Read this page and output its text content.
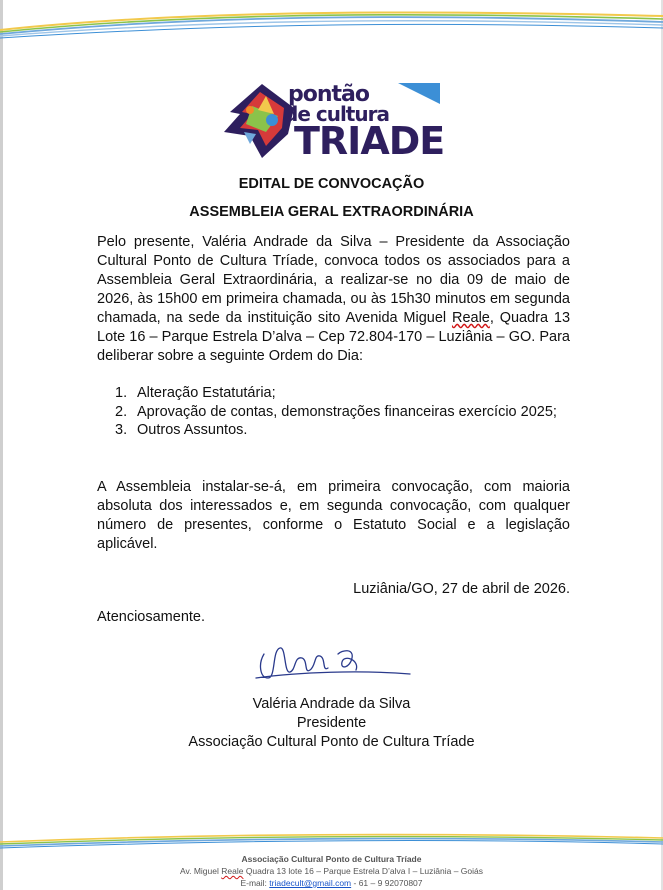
pontão
de cultura
TRIADE
EDITAL DE CONVOCAÇÃO
ASSEMBLEIA GERAL EXTRAORDINÁRIA
Pelo presente, Valéria Andrade da Silva – Presidente da Associação Cultural Ponto de Cultura Tríade, convoca todos os associados para a Assembleia Geral Extraordinária, a realizar-se no dia 09 de maio de 2026, às 15h00 em primeira chamada, ou às 15h30 minutos em segunda chamada, na sede da instituição sito Avenida Miguel Reale, Quadra 13 Lote 16 – Parque Estrela D’alva – Cep 72.804-170 – Luziânia – GO. Para deliberar sobre a seguinte Ordem do Dia:
1. Alteração Estatutária;
2. Aprovação de contas, demonstrações financeiras exercício 2025;
3. Outros Assuntos.
A Assembleia instalar-se-á, em primeira convocação, com maioria absoluta dos interessados e, em segunda convocação, com qualquer número de presentes, conforme o Estatuto Social e a legislação aplicável.
Luziânia/GO, 27 de abril de 2026.
Atenciosamente.
Valéria Andrade da Silva
Presidente
Associação Cultural Ponto de Cultura Tríade
Associação Cultural Ponto de Cultura Tríade
Av. Miguel Reale Quadra 13 lote 16 – Parque Estrela D’alva I – Luziânia – Goiás
E-mail: triadecult@gmail.com - 61 – 9 92070807
